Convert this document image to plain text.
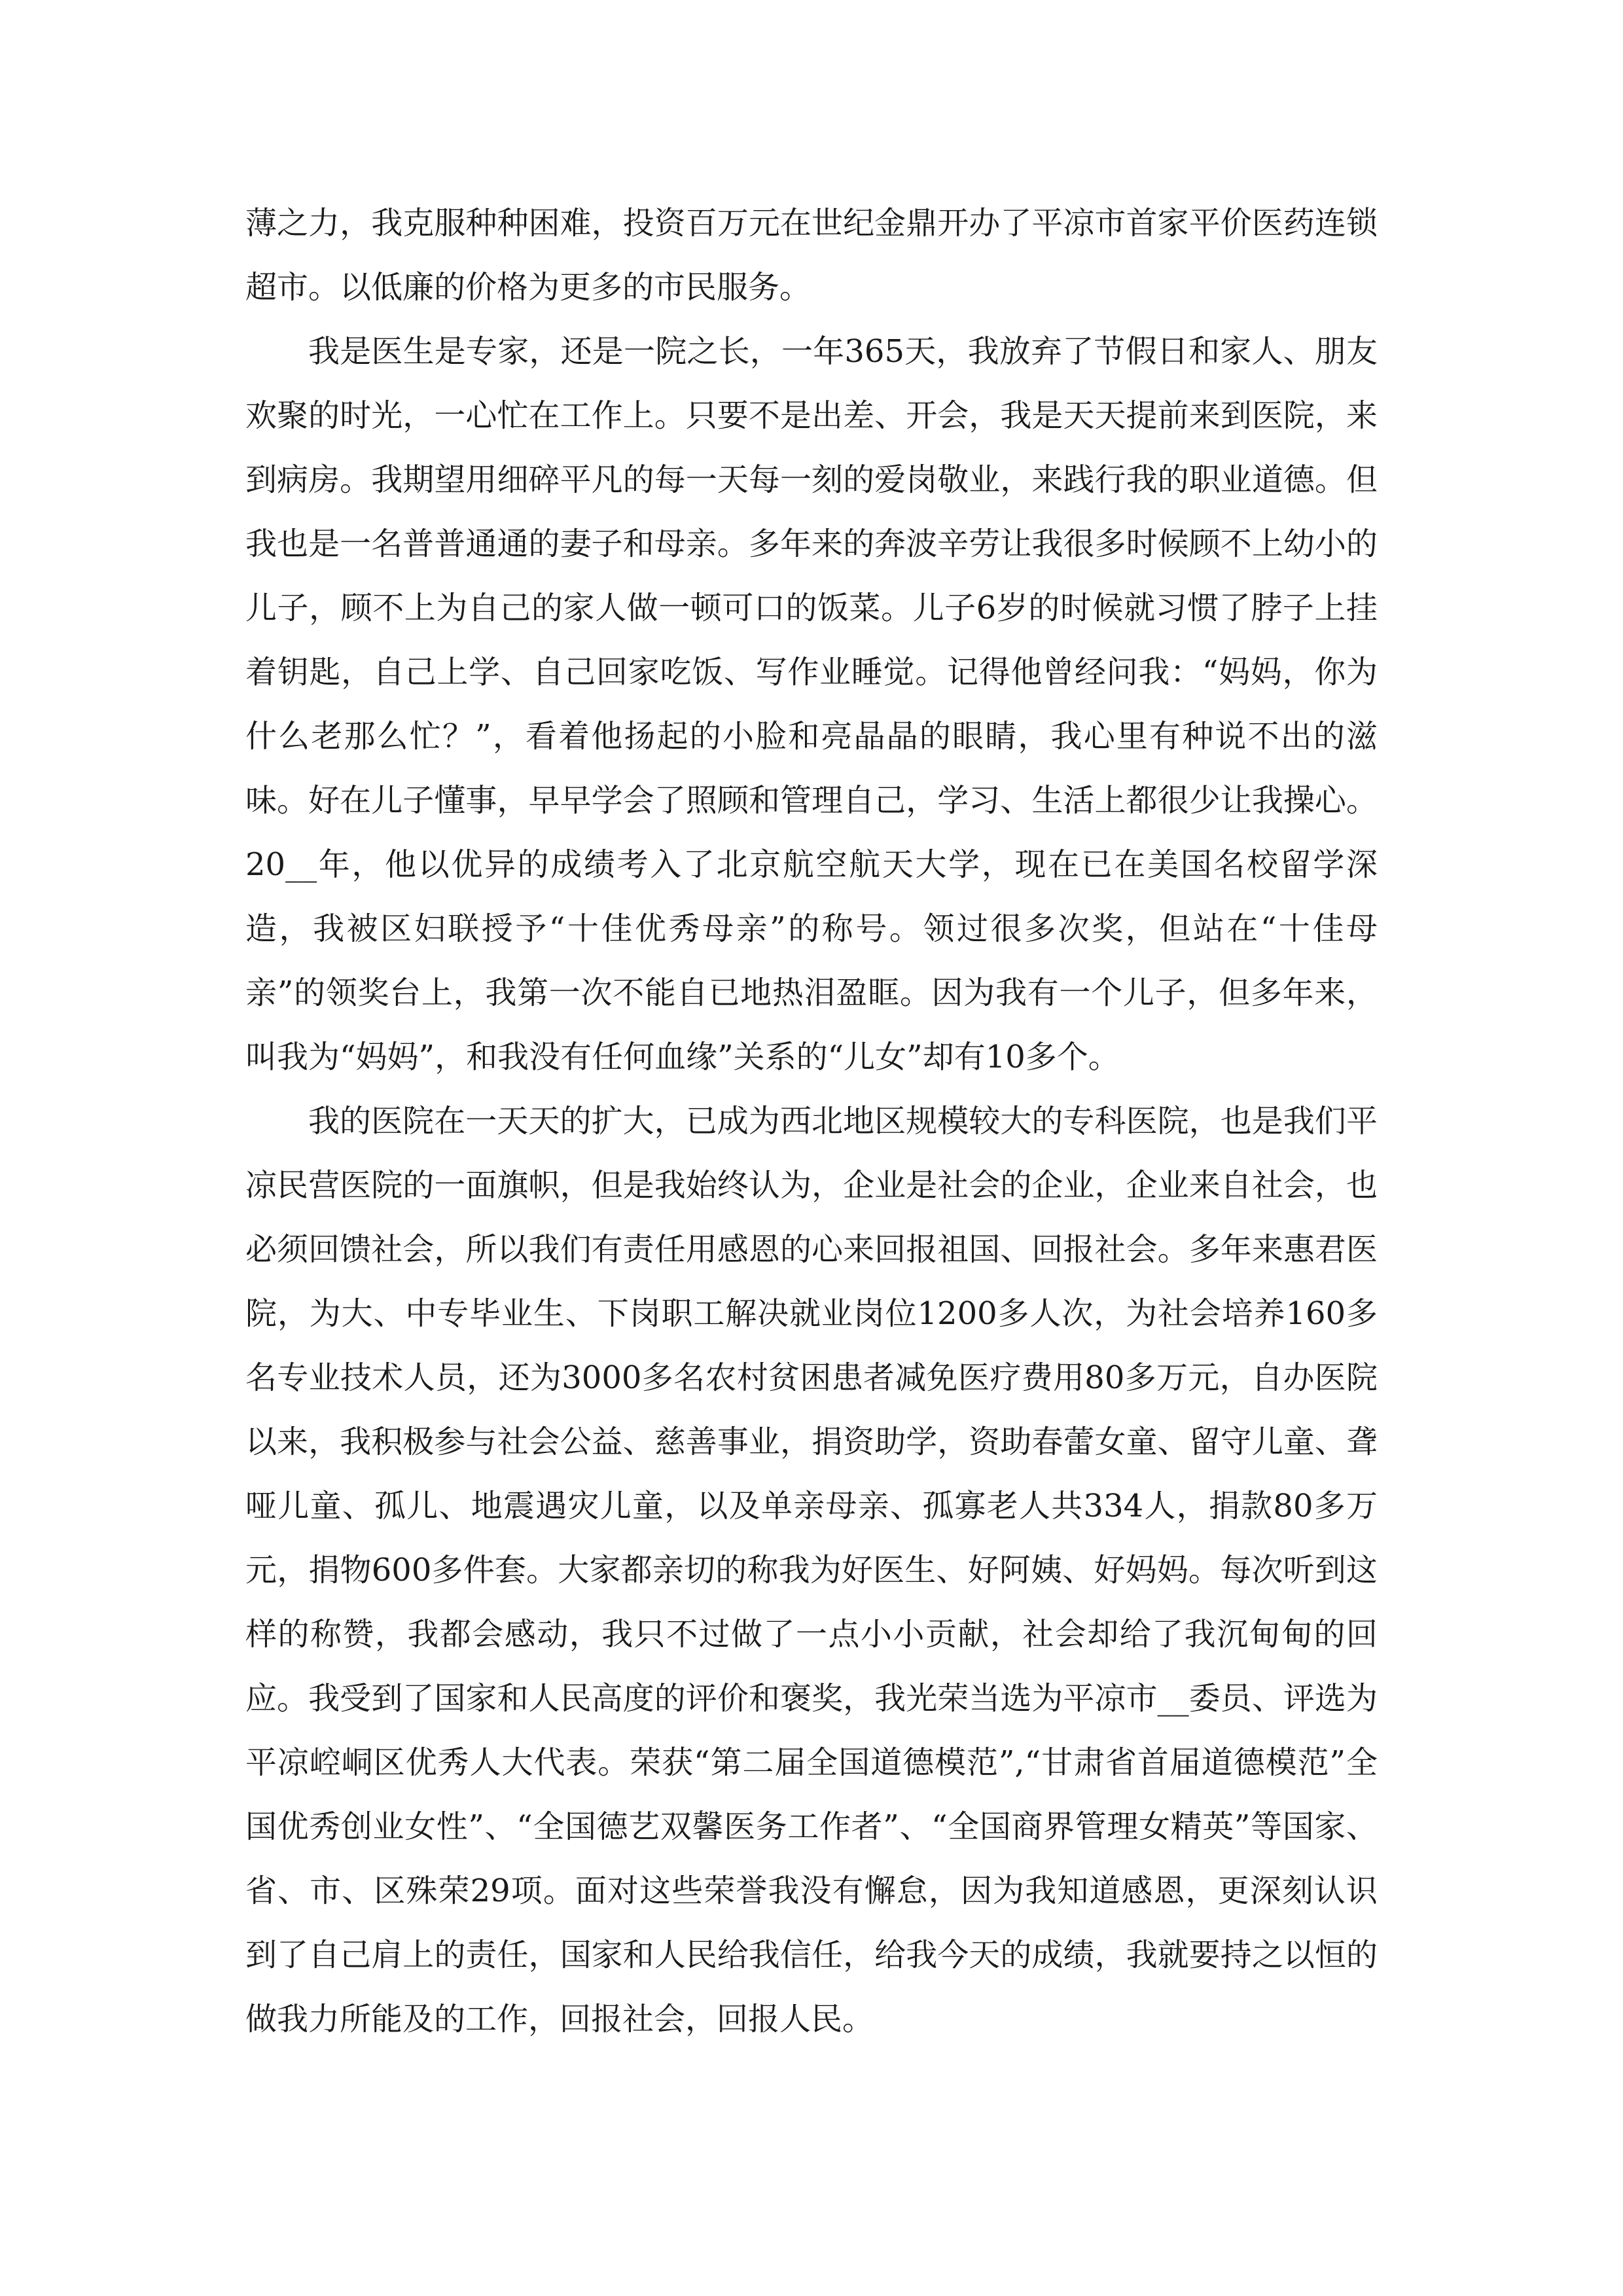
薄之力，我克服种种困难，投资百万元在世纪金鼎开办了平凉市首家平价医药连锁超市。以低廉的价格为更多的市民服务。

我是医生是专家，还是一院之长，一年365天，我放弃了节假日和家人、朋友欢聚的时光，一心忙在工作上。只要不是出差、开会，我是天天提前来到医院，来到病房。我期望用细碎平凡的每一天每一刻的爱岗敬业，来践行我的职业道德。但我也是一名普普通通的妻子和母亲。多年来的奔波辛劳让我很多时候顾不上幼小的儿子，顾不上为自己的家人做一顿可口的饭菜。儿子6岁的时候就习惯了脖子上挂着钥匙，自己上学、自己回家吃饭、写作业睡觉。记得他曾经问我：“妈妈，你为什么老那么忙？”，看着他扬起的小脸和亮晶晶的眼睛，我心里有种说不出的滋味。好在儿子懂事，早早学会了照顾和管理自己，学习、生活上都很少让我操心。20__年，他以优异的成绩考入了北京航空航天大学，现在已在美国名校留学深造，我被区妇联授予“十佳优秀母亲”的称号。领过很多次奖，但站在“十佳母亲”的领奖台上，我第一次不能自已地热泪盈眶。因为我有一个儿子，但多年来，叫我为“妈妈”，和我没有任何血缘”关系的“儿女”却有10多个。

我的医院在一天天的扩大，已成为西北地区规模较大的专科医院，也是我们平凉民营医院的一面旗帜，但是我始终认为，企业是社会的企业，企业来自社会，也必须回馈社会，所以我们有责任用感恩的心来回报祖国、回报社会。多年来惠君医院，为大、中专毕业生、下岗职工解决就业岗位1200多人次，为社会培养160多名专业技术人员，还为3000多名农村贫困患者减免医疗费用80多万元，自办医院以来，我积极参与社会公益、慈善事业，捐资助学，资助春蕾女童、留守儿童、聋哑儿童、孤儿、地震遇灾儿童，以及单亲母亲、孤寡老人共334人，捐款80多万元，捐物600多件套。大家都亲切的称我为好医生、好阿姨、好妈妈。每次听到这样的称赞，我都会感动，我只不过做了一点小小贡献，社会却给了我沉甸甸的回应。我受到了国家和人民高度的评价和褒奖，我光荣当选为平凉市__委员、评选为平凉崆峒区优秀人大代表。荣获“第二届全国道德模范”,“甘肃省首届道德模范”全国优秀创业女性”、“全国德艺双馨医务工作者”、“全国商界管理女精英”等国家、省、市、区殊荣29项。面对这些荣誉我没有懈怠，因为我知道感恩，更深刻认识到了自己肩上的责任，国家和人民给我信任，给我今天的成绩，我就要持之以恒的做我力所能及的工作，回报社会，回报人民。
